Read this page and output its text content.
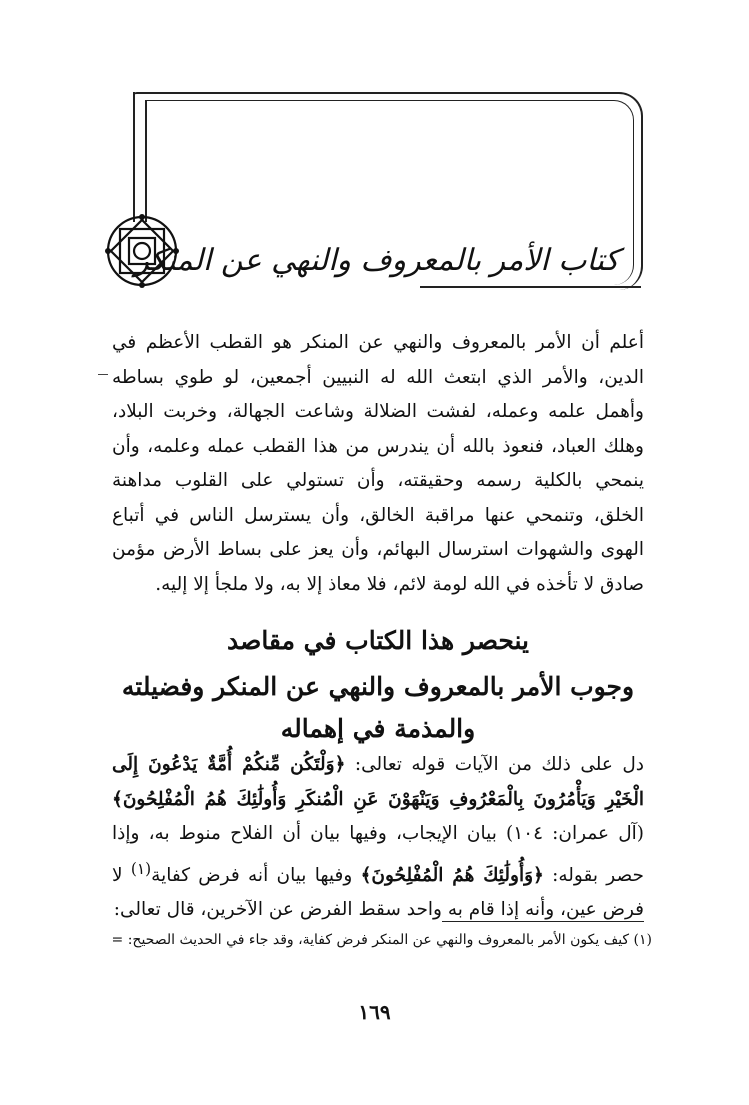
كتاب الأمر بالمعروف والنهي عن المنكر
أعلم أن الأمر بالمعروف والنهي عن المنكر هو القطب الأعظم في الدين، والأمر الذي ابتعث الله له النبيين أجمعين، لو طوي بساطه وأهمل علمه وعمله، لفشت الضلالة وشاعت الجهالة، وخربت البلاد، وهلك العباد، فنعوذ بالله أن يندرس من هذا القطب عمله وعلمه، وأن ينمحي بالكلية رسمه وحقيقته، وأن تستولي على القلوب مداهنة الخلق، وتنمحي عنها مراقبة الخالق، وأن يسترسل الناس في أتباع الهوى والشهوات استرسال البهائم، وأن يعز على بساط الأرض مؤمن صادق لا تأخذه في الله لومة لائم، فلا معاذ إلا به، ولا ملجأ إلا إليه.
ينحصر هذا الكتاب في مقاصد
وجوب الأمر بالمعروف والنهي عن المنكر وفضيلته والمذمة في إهماله
دل على ذلك من الآيات قوله تعالى: ﴿وَلْتَكُن مِّنكُمْ أُمَّةٌ يَدْعُونَ إِلَى الْخَيْرِ وَيَأْمُرُونَ بِالْمَعْرُوفِ وَيَنْهَوْنَ عَنِ الْمُنكَرِ وَأُولَٰئِكَ هُمُ الْمُفْلِحُونَ﴾ (آل عمران: ١٠٤) بيان الإيجاب، وفيها بيان أن الفلاح منوط به، وإذا حصر بقوله: ﴿وَأُولَٰئِكَ هُمُ الْمُفْلِحُونَ﴾ وفيها بيان أنه فرض كفاية$^{(١)}$ لا فرض عين، وأنه إذا قام به واحد سقط الفرض عن الآخرين، قال تعالى:
(١) كيف يكون الأمر بالمعروف والنهي عن المنكر فرض كفاية، وقد جاء في الحديث الصحيح: =
١٦٩
